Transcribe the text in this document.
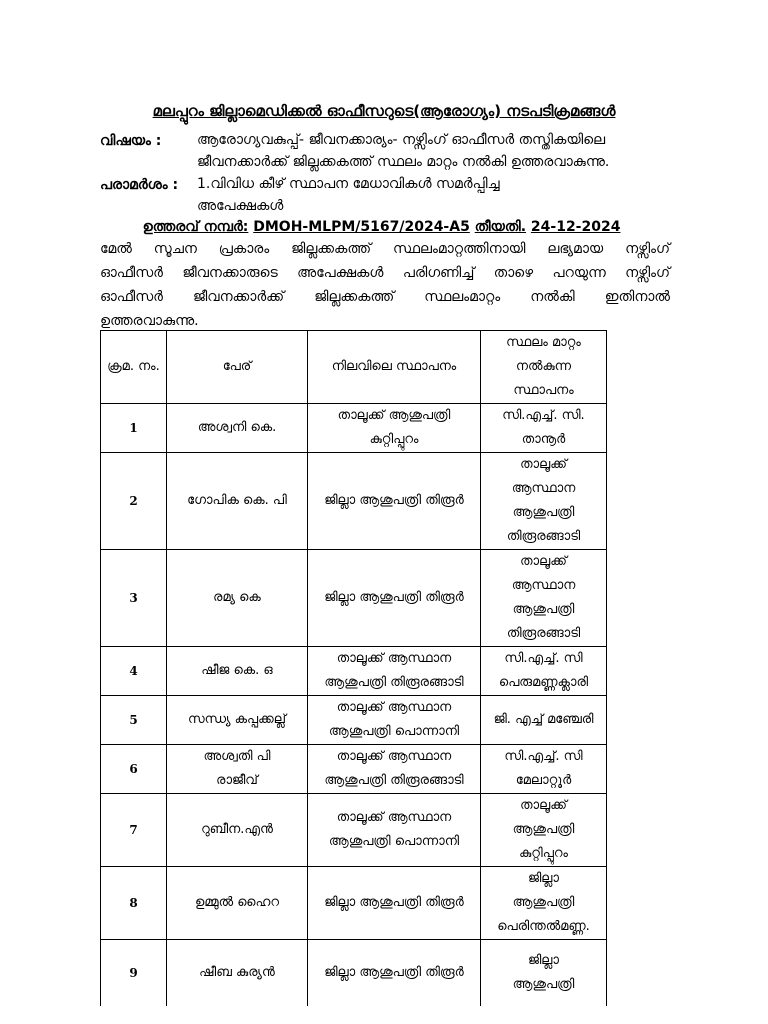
മലപ്പുറം ജില്ലാമെഡിക്കൽ ഓഫീസറുടെ(ആരോഗ്യം) നടപടിക്രമങ്ങൾ
വിഷയം :	ആരോഗ്യവകുപ്പ്- ജീവനക്കാര്യം- നഴ്സിംഗ് ഓഫീസർ തസ്തികയിലെ ജീവനക്കാർക്ക് ജില്ലക്കകത്ത് സ്ഥലം മാറ്റം നൽകി ഉത്തരവാകുന്നു.
പരാമർശം : 1.വിവിധ കീഴ് സ്ഥാപന മേധാവികൾ സമർപ്പിച്ച
അപേക്ഷകൾ
ഉത്തരവ് നമ്പർ: DMOH-MLPM/5167/2024-A5 തീയതി. 24-12-2024
മേൽ സൂചന പ്രകാരം ജില്ലക്കകത്ത് സ്ഥലംമാറ്റത്തിനായി ലഭ്യമായ നഴ്സിംഗ്
ഓഫീസർ ജീവനക്കാരുടെ അപേക്ഷകൾ പരിഗണിച്ച് താഴെ പറയുന്ന നഴ്സിംഗ്
ഓഫീസർ ജീവനക്കാർക്ക് ജില്ലക്കകത്ത് സ്ഥലംമാറ്റം നൽകി ഇതിനാൽ
ഉത്തരവാകുന്നു.
ക്രമ. നം.	പേര്	നിലവിലെ സ്ഥാപനം	സ്ഥലം മാറ്റം
നൽകുന്ന
സ്ഥാപനം

1	അശ്വനി കെ.	താലൂക്ക് ആശുപത്രി
കുറ്റിപ്പുറം	സി.എച്ച്. സി.
താനൂർ

2	ഗോപിക കെ. പി	ജില്ലാ ആശുപത്രി തിരൂർ	താലൂക്ക്
ആസ്ഥാന
ആശുപത്രി
തിരൂരങ്ങാടി

3	രമ്യ കെ	ജില്ലാ ആശുപത്രി തിരൂർ	താലൂക്ക്
ആസ്ഥാന
ആശുപത്രി
തിരൂരങ്ങാടി

4	ഷീജ കെ. ഒ	താലൂക്ക് ആസ്ഥാന
ആശുപത്രി തിരൂരങ്ങാടി	സി.എച്ച്. സി
പെരുമണ്ണക്ലാരി

5	സന്ധ്യ കപ്പക്കല്ല്	താലൂക്ക് ആസ്ഥാന
ആശുപത്രി പൊന്നാനി	ജി. എച്ച് മഞ്ചേരി

6	അശ്വതി പി
രാജീവ്	താലൂക്ക് ആസ്ഥാന
ആശുപത്രി തിരൂരങ്ങാടി	സി.എച്ച്. സി
മേലാറ്റൂർ

7	റുബീന.എൻ	താലൂക്ക് ആസ്ഥാന
ആശുപത്രി പൊന്നാനി	താലൂക്ക്
ആശുപത്രി
കുറ്റിപ്പുറം

8	ഉമ്മുൽ ഹൈറ	ജില്ലാ ആശുപത്രി തിരൂർ	ജില്ലാ
ആശുപത്രി
പെരിന്തൽമണ്ണ.

9	ഷീബ കുര്യൻ	ജില്ലാ ആശുപത്രി തിരൂർ	ജില്ലാ
ആശുപത്രി
